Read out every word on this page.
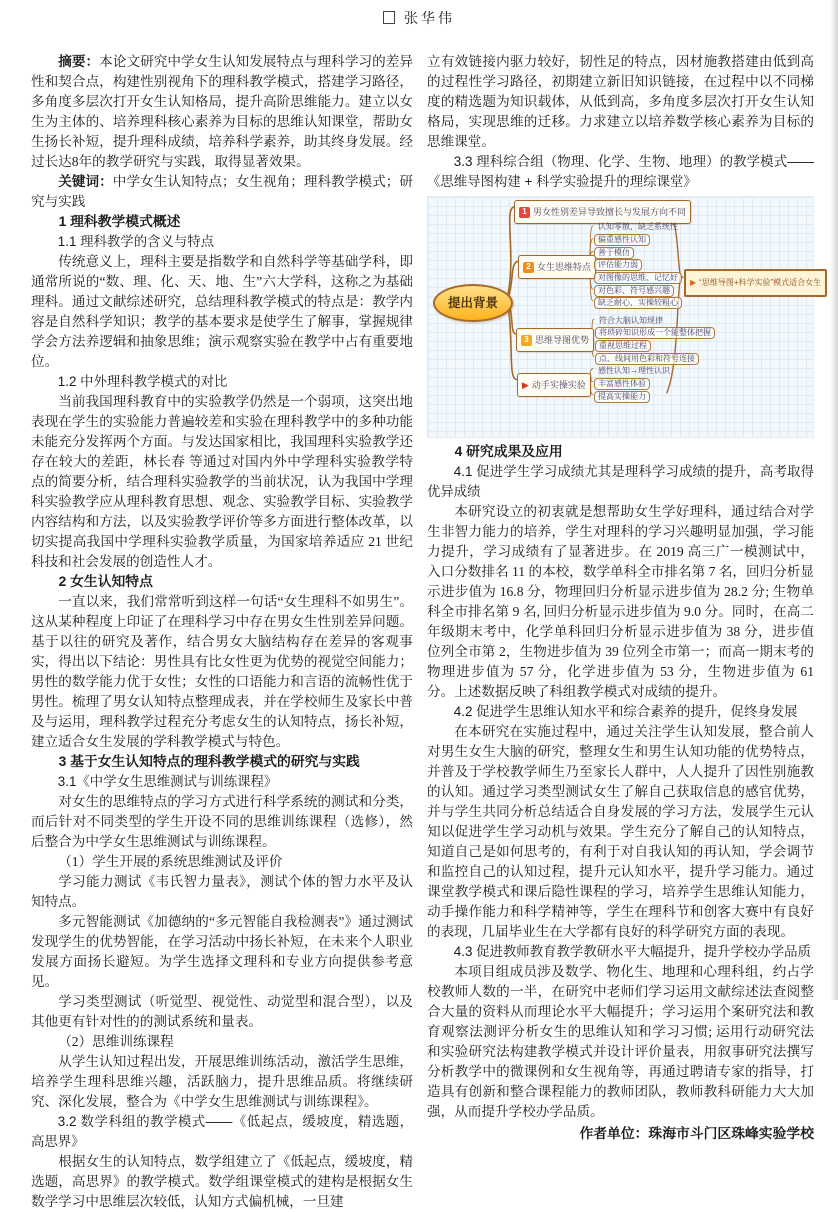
张华伟

摘要：本论文研究中学女生认知发展特点与理科学习的差异性和契合点，构建性别视角下的理科教学模式，搭建学习路径，多角度多层次打开女生认知格局，提升高阶思维能力。建立以女生为主体的、培养理科核心素养为目标的思维认知课堂，帮助女生扬长补短，提升理科成绩，培养科学素养，助其终身发展。经过长达8年的教学研究与实践，取得显著效果。

关键词：中学女生认知特点；女生视角；理科教学模式；研究与实践

1 理科教学模式概述

1.1 理科教学的含义与特点

传统意义上，理科主要是指数学和自然科学等基础学科，即通常所说的“数、理、化、天、地、生”六大学科，这称之为基础理科。通过文献综述研究，总结理科教学模式的特点是：教学内容是自然科学知识；教学的基本要求是使学生了解事，掌握规律学会方法养逻辑和抽象思维；演示观察实验在教学中占有重要地位。

1.2 中外理科教学模式的对比

当前我国理科教育中的实验教学仍然是一个弱项，这突出地表现在学生的实验能力普遍较差和实验在理科教学中的多种功能未能充分发挥两个方面。与发达国家相比，我国理科实验教学还存在较大的差距，林长春 等通过对国内外中学理科实验教学特点的简要分析，结合理科实验教学的当前状况，认为我国中学理科实验教学应从理科教育思想、观念、实验教学目标、实验教学内容结构和方法，以及实验教学评价等多方面进行整体改革，以切实提高我国中学理科实验教学质量，为国家培养适应 21 世纪科技和社会发展的创造性人才。

2 女生认知特点

一直以来，我们常常听到这样一句话“女生理科不如男生”。这从某种程度上印证了在理科学习中存在男女生性别差异问题。基于以往的研究及著作，结合男女大脑结构存在差异的客观事实，得出以下结论：男性具有比女性更为优势的视觉空间能力；男性的数学能力优于女性；女性的口语能力和言语的流畅性优于男性。梳理了男女认知特点整理成表，并在学校师生及家长中普及与运用，理科教学过程充分考虑女生的认知特点，扬长补短，建立适合女生发展的学科教学模式与特色。

3 基于女生认知特点的理科教学模式的研究与实践

3.1《中学女生思维测试与训练课程》

对女生的思维特点的学习方式进行科学系统的测试和分类，而后针对不同类型的学生开设不同的思维训练课程（选修），然后整合为中学女生思维测试与训练课程。

（1）学生开展的系统思维测试及评价

学习能力测试《韦氏智力量表》，测试个体的智力水平及认知特点。

多元智能测试《加德纳的“多元智能自我检测表”》通过测试发现学生的优势智能，在学习活动中扬长补短，在未来个人职业发展方面扬长避短。为学生选择文理科和专业方向提供参考意见。

学习类型测试（听觉型、视觉性、动觉型和混合型），以及其他更有针对性的的测试系统和量表。

（2）思维训练课程

从学生认知过程出发，开展思维训练活动，激活学生思维，培养学生理科思维兴趣，活跃脑力，提升思维品质。将继续研究、深化发展，整合为《中学女生思维测试与训练课程》。

3.2 数学科组的教学模式——《低起点，缓坡度，精选题，高思界》

根据女生的认知特点，数学组建立了《低起点，缓坡度，精选题，高思界》的教学模式。数学组课堂模式的建构是根据女生数学学习中思维层次较低，认知方式偏机械，一旦建

立有效链接内驱力较好，韧性足的特点，因材施教搭建由低到高的过程性学习路径，初期建立新旧知识链接，在过程中以不同梯度的精选题为知识载体，从低到高，多角度多层次打开女生认知格局，实现思维的迁移。力求建立以培养数学核心素养为目标的思维课堂。

3.3 理科综合组（物理、化学、生物、地理）的教学模式——《思维导图构建 + 科学实验提升的理综课堂》

提出背景
1 男女性别差异导致擅长与发展方向不同
2 女生思维特点
认知零散，缺乏系统性
偏重感性认知
善于模仿
评估能力弱
对图像的思维、记忆好
对色彩、符号感兴趣
缺乏耐心，实操较粗心
3 思维导图优势
符合大脑认知规律
将琐碎知识形成一个能整体把握
重视思维过程
点、线间用色彩和符号连接
▶ 动手实操实验
感性认知→理性认识
丰富感性体验
提高实操能力
▶ “思维导图+科学实验”模式适合女生

4 研究成果及应用

4.1 促进学生学习成绩尤其是理科学习成绩的提升，高考取得优异成绩

本研究设立的初衷就是想帮助女生学好理科，通过结合对学生非智力能力的培养，学生对理科的学习兴趣明显加强，学习能力提升，学习成绩有了显著进步。在 2019 高三广一模测试中，入口分数排名 11 的本校，数学单科全市排名第 7 名，回归分析显示进步值为 16.8 分，物理回归分析显示进步值为 28.2 分; 生物单科全市排名第 9 名, 回归分析显示进步值为 9.0 分。同时，在高二年级期末考中，化学单科回归分析显示进步值为 38 分，进步值位列全市第 2，生物进步值为 39 位列全市第一；而高一期末考的物理进步值为 57 分，化学进步值为 53 分，生物进步值为 61 分。上述数据反映了科组教学模式对成绩的提升。

4.2 促进学生思维认知水平和综合素养的提升，促终身发展

在本研究在实施过程中，通过关注学生认知发展，整合前人对男生女生大脑的研究，整理女生和男生认知功能的优势特点，并普及于学校教学师生乃至家长人群中，人人提升了因性别施教的认知。通过学习类型测试女生了解自己获取信息的感官优势，并与学生共同分析总结适合自身发展的学习方法，发展学生元认知以促进学生学习动机与效果。学生充分了解自己的认知特点，知道自己是如何思考的，有利于对自我认知的再认知，学会调节和监控自己的认知过程，提升元认知水平，提升学习能力。通过课堂教学模式和课后隐性课程的学习，培养学生思维认知能力，动手操作能力和科学精神等，学生在理科节和创客大赛中有良好的表现，几届毕业生在大学都有良好的科学研究方面的表现。

4.3 促进教师教育教学教研水平大幅提升，提升学校办学品质

本项目组成员涉及数学、物化生、地理和心理科组，约占学校教师人数的一半，在研究中老师们学习运用文献综述法查阅整合大量的资料从而理论水平大幅提升；学习运用个案研究法和教育观察法测评分析女生的思维认知和学习习惯; 运用行动研究法和实验研究法构建教学模式并设计评价量表，用叙事研究法撰写分析教学中的微课例和女生视角等，再通过聘请专家的指导，打造具有创新和整合课程能力的教师团队，教师教科研能力大大加强，从而提升学校办学品质。

作者单位：珠海市斗门区珠峰实验学校
